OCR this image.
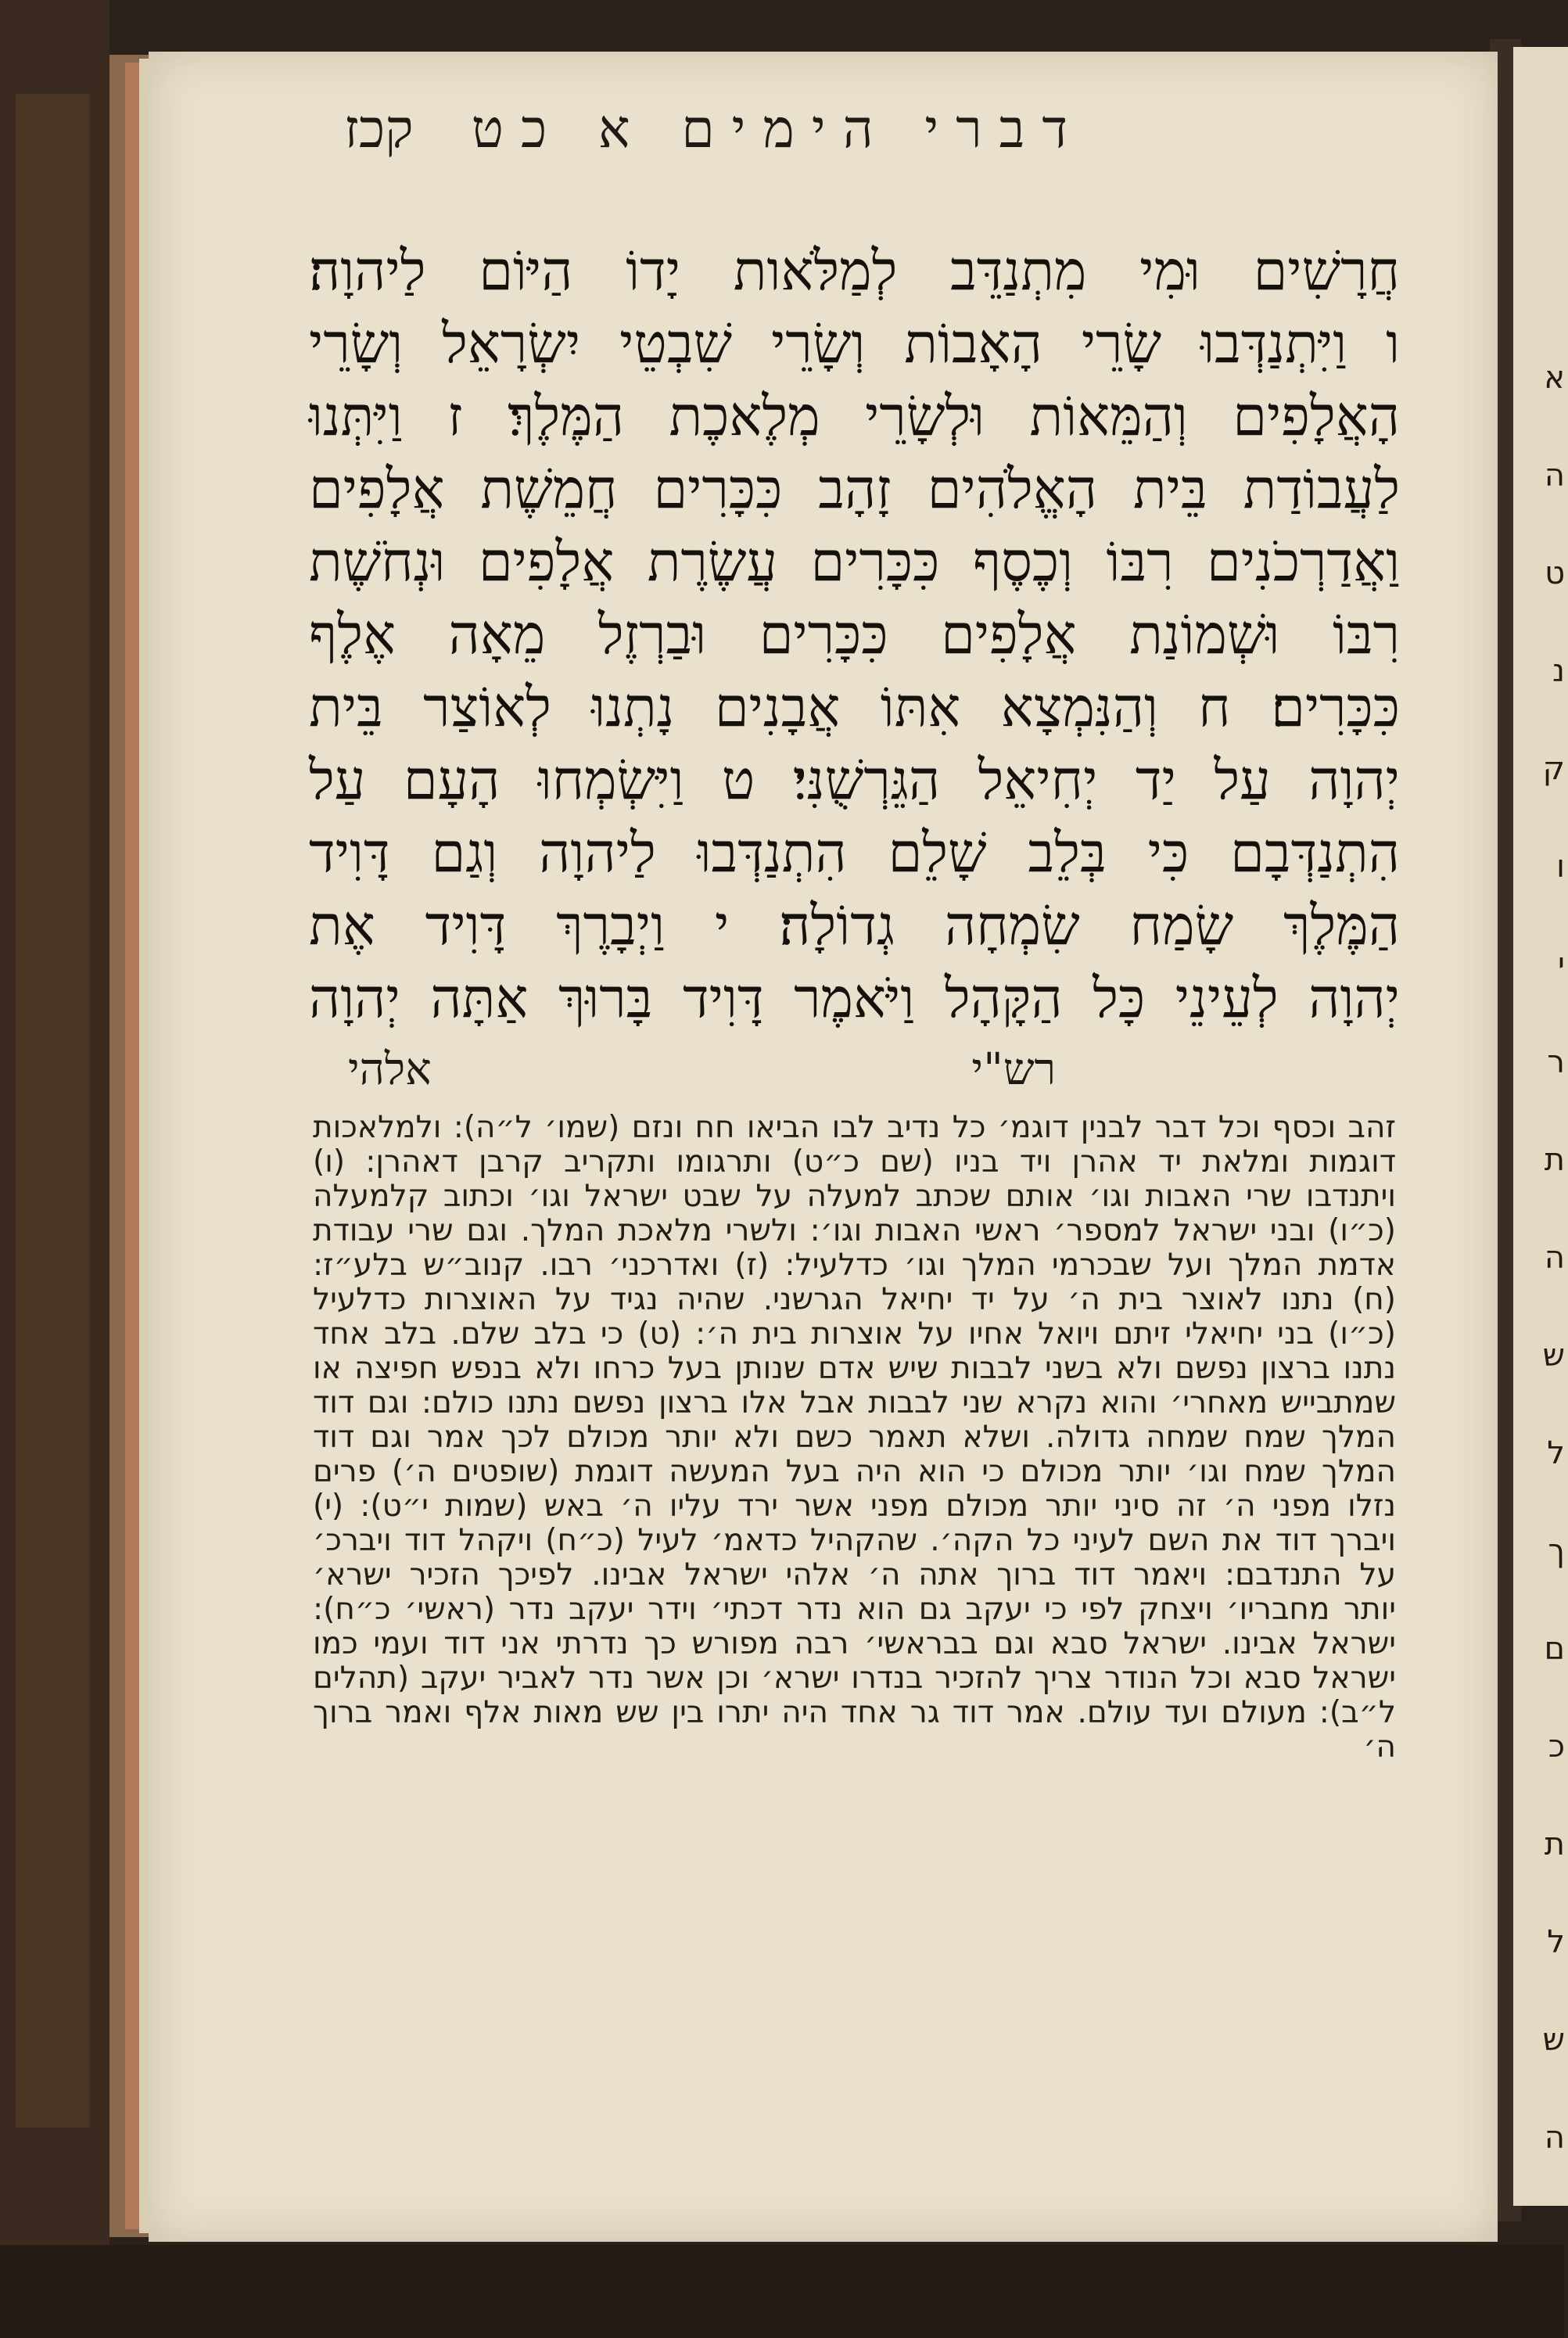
א
ה
ט
נ
ק
ו
י
ר
ת
ה
ש
ל
ך
ם
כ
ת
ל
ש
ה
קכז	דברי הימים א כט
חֲרָשִׁים וּמִי מִתְנַדֵּב לְמַלֹּאות יָדוֹ הַיּוֹם לַיהוָה׃
ו וַיִּתְנַדְּבוּ שָׂרֵי הָאָבוֹת וְשָׂרֵי שִׁבְטֵי יִשְׂרָאֵל וְשָׂרֵי
הָאֲלָפִים וְהַמֵּאוֹת וּלְשָׂרֵי מְלֶאכֶת הַמֶּלֶךְ׃ ז וַיִּתְּנוּ
לַעֲבוֹדַת בֵּית הָאֱלֹהִים זָהָב כִּכָּרִים חֲמֵשֶׁת אֲלָפִים
וַאֲדַרְכֹנִים רִבּוֹ וְכֶסֶף כִּכָּרִים עֲשֶׂרֶת אֲלָפִים וּנְחֹשֶׁת
רִבּוֹ וּשְׁמוֹנַת אֲלָפִים כִּכָּרִים וּבַרְזֶל מֵאָה אֶלֶף
כִּכָּרִים׃ ח וְהַנִּמְצָא אִתּוֹ אֲבָנִים נָתְנוּ לְאוֹצַר בֵּית
יְהוָה עַל יַד יְחִיאֵל הַגֵּרְשֻׁנִּי׃ ט וַיִּשְׂמְחוּ הָעָם עַל
הִתְנַדְּבָם כִּי בְּלֵב שָׁלֵם הִתְנַדְּבוּ לַיהוָה וְגַם דָּוִיד
הַמֶּלֶךְ שָׂמַח שִׂמְחָה גְדוֹלָה׃ י וַיְבָרֶךְ דָּוִיד אֶת
יְהוָה לְעֵינֵי כָּל הַקָּהָל וַיֹּאמֶר דָּוִיד בָּרוּךְ אַתָּה יְהוָה
רש"י
אלהי
זהב וכסף וכל דבר לבנין דוגמ׳ כל נדיב לבו הביאו חח ונזם (שמו׳ ל״ה): ולמלאכות
דוגמות ומלאת יד אהרן ויד בניו (שם כ״ט) ותרגומו ותקריב קרבן דאהרן: (ו)
ויתנדבו שרי האבות וגו׳ אותם שכתב למעלה על שבט ישראל וגו׳ וכתוב קלמעלה
(כ״ו) ובני ישראל למספר׳ ראשי האבות וגו׳: ולשרי מלאכת המלך. וגם שרי עבודת
אדמת המלך ועל שבכרמי המלך וגו׳ כדלעיל: (ז) ואדרכני׳ רבו. קנוב״ש בלע״ז:
(ח) נתנו לאוצר בית ה׳ על יד יחיאל הגרשני. שהיה נגיד על האוצרות כדלעיל
(כ״ו) בני יחיאלי זיתם ויואל אחיו על אוצרות בית ה׳: (ט) כי בלב שלם. בלב אחד
נתנו ברצון נפשם ולא בשני לבבות שיש אדם שנותן בעל כרחו ולא בנפש חפיצה או
שמתבייש מאחרי׳ והוא נקרא שני לבבות אבל אלו ברצון נפשם נתנו כולם: וגם דוד
המלך שמח שמחה גדולה. ושלא תאמר כשם ולא יותר מכולם לכך אמר וגם דוד
המלך שמח וגו׳ יותר מכולם כי הוא היה בעל המעשה דוגמת (שופטים ה׳) פרים
נזלו מפני ה׳ זה סיני יותר מכולם מפני אשר ירד עליו ה׳ באש (שמות י״ט): (י)
ויברך דוד את השם לעיני כל הקה׳. שהקהיל כדאמ׳ לעיל (כ״ח) ויקהל דוד ויברכ׳
על התנדבם: ויאמר דוד ברוך אתה ה׳ אלהי ישראל אבינו. לפיכך הזכיר ישרא׳
יותר מחבריו׳ ויצחק לפי כי יעקב גם הוא נדר דכתי׳ וידר יעקב נדר (ראשי׳ כ״ח):
ישראל אבינו. ישראל סבא וגם בבראשי׳ רבה מפורש כך נדרתי אני דוד ועמי כמו
ישראל סבא וכל הנודר צריך להזכיר בנדרו ישרא׳ וכן אשר נדר לאביר יעקב (תהלים
ל״ב): מעולם ועד עולם. אמר דוד גר אחד היה יתרו בין שש מאות אלף ואמר ברוך
ה׳
